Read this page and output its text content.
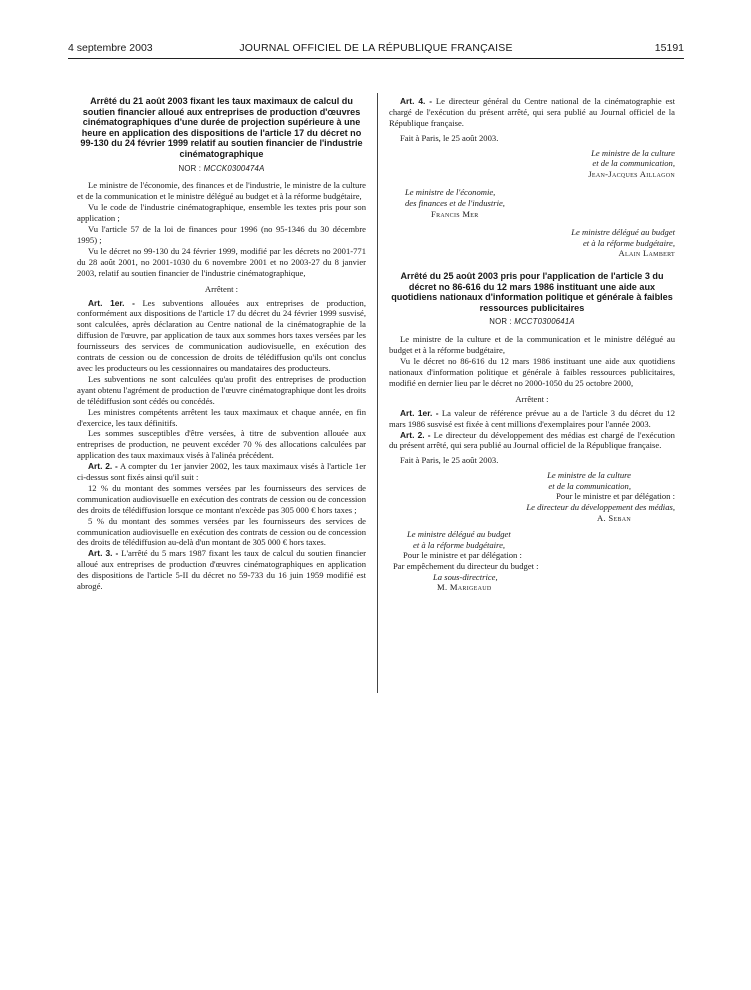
4 septembre 2003	JOURNAL OFFICIEL DE LA RÉPUBLIQUE FRANÇAISE	15191
Arrêté du 21 août 2003 fixant les taux maximaux de calcul du soutien financier alloué aux entreprises de production d'œuvres cinématographiques d'une durée de projection supérieure à une heure en application des dispositions de l'article 17 du décret no 99-130 du 24 février 1999 relatif au soutien financier de l'industrie cinématographique
NOR : MCCK0300474A

Le ministre de l'économie, des finances et de l'industrie, le ministre de la culture et de la communication et le ministre délégué au budget et à la réforme budgétaire,

Vu le code de l'industrie cinématographique, ensemble les textes pris pour son application ;

Vu l'article 57 de la loi de finances pour 1996 (no 95-1346 du 30 décembre 1995) ;

Vu le décret no 99-130 du 24 février 1999, modifié par les décrets no 2001-771 du 28 août 2001, no 2001-1030 du 6 novembre 2001 et no 2003-27 du 8 janvier 2003, relatif au soutien financier de l'industrie cinématographique,

Arrêtent :

Art. 1er. - Les subventions allouées aux entreprises de production, conformément aux dispositions de l'article 17 du décret du 24 février 1999 susvisé, sont calculées, après déclaration au Centre national de la cinématographie de la diffusion de l'œuvre, par application de taux aux sommes hors taxes versées par les fournisseurs des services de communication audiovisuelle, en exécution des contrats de cession ou de concession de droits de télédiffusion qu'ils ont conclus avec les producteurs ou les cessionnaires ou mandataires des producteurs.

Les subventions ne sont calculées qu'au profit des entreprises de production ayant obtenu l'agrément de production de l'œuvre cinématographique dont les droits de télédiffusion sont cédés ou concédés.

Les ministres compétents arrêtent les taux maximaux et chaque année, en fin d'exercice, les taux définitifs.

Les sommes susceptibles d'être versées, à titre de subvention allouée aux entreprises de production, ne peuvent excéder 70 % des allocations calculées par application des taux maximaux visés à l'alinéa précédent.

Art. 2. - A compter du 1er janvier 2002, les taux maximaux visés à l'article 1er ci-dessus sont fixés ainsi qu'il suit :

12 % du montant des sommes versées par les fournisseurs des services de communication audiovisuelle en exécution des contrats de cession ou de concession des droits de télédiffusion lorsque ce montant n'excède pas 305 000 € hors taxes ;

5 % du montant des sommes versées par les fournisseurs des services de communication audiovisuelle en exécution des contrats de cession ou de concession des droits de télédiffusion au-delà d'un montant de 305 000 € hors taxes.

Art. 3. - L'arrêté du 5 mars 1987 fixant les taux de calcul du soutien financier alloué aux entreprises de production d'œuvres cinématographiques en application des dispositions de l'article 5-II du décret no 59-733 du 16 juin 1959 modifié est abrogé.

Art. 4. - Le directeur général du Centre national de la cinématographie est chargé de l'exécution du présent arrêté, qui sera publié au Journal officiel de la République française.

Fait à Paris, le 25 août 2003.

Le ministre de la culture
et de la communication,
Jean-Jacques Aillagon
Le ministre de l'économie,
des finances et de l'industrie,
Francis Mer
Le ministre délégué au budget
et à la réforme budgétaire,
Alain Lambert
Arrêté du 25 août 2003 pris pour l'application de l'article 3 du décret no 86-616 du 12 mars 1986 instituant une aide aux quotidiens nationaux d'information politique et générale à faibles ressources publicitaires
NOR : MCCT0300641A

Le ministre de la culture et de la communication et le ministre délégué au budget et à la réforme budgétaire,

Vu le décret no 86-616 du 12 mars 1986 instituant une aide aux quotidiens nationaux d'information politique et générale à faibles ressources publicitaires, modifié en dernier lieu par le décret no 2000-1050 du 25 octobre 2000,

Arrêtent :

Art. 1er. - La valeur de référence prévue au a de l'article 3 du décret du 12 mars 1986 susvisé est fixée à cent millions d'exemplaires pour l'année 2003.

Art. 2. - Le directeur du développement des médias est chargé de l'exécution du présent arrêté, qui sera publié au Journal officiel de la République française.

Fait à Paris, le 25 août 2003.

Le ministre de la culture
et de la communication,
Pour le ministre et par délégation :
Le directeur du développement des médias,
A. Seban
Le ministre délégué au budget
et à la réforme budgétaire,
Pour le ministre et par délégation :
Par empêchement du directeur du budget :
La sous-directrice,
M. Marigeaud
